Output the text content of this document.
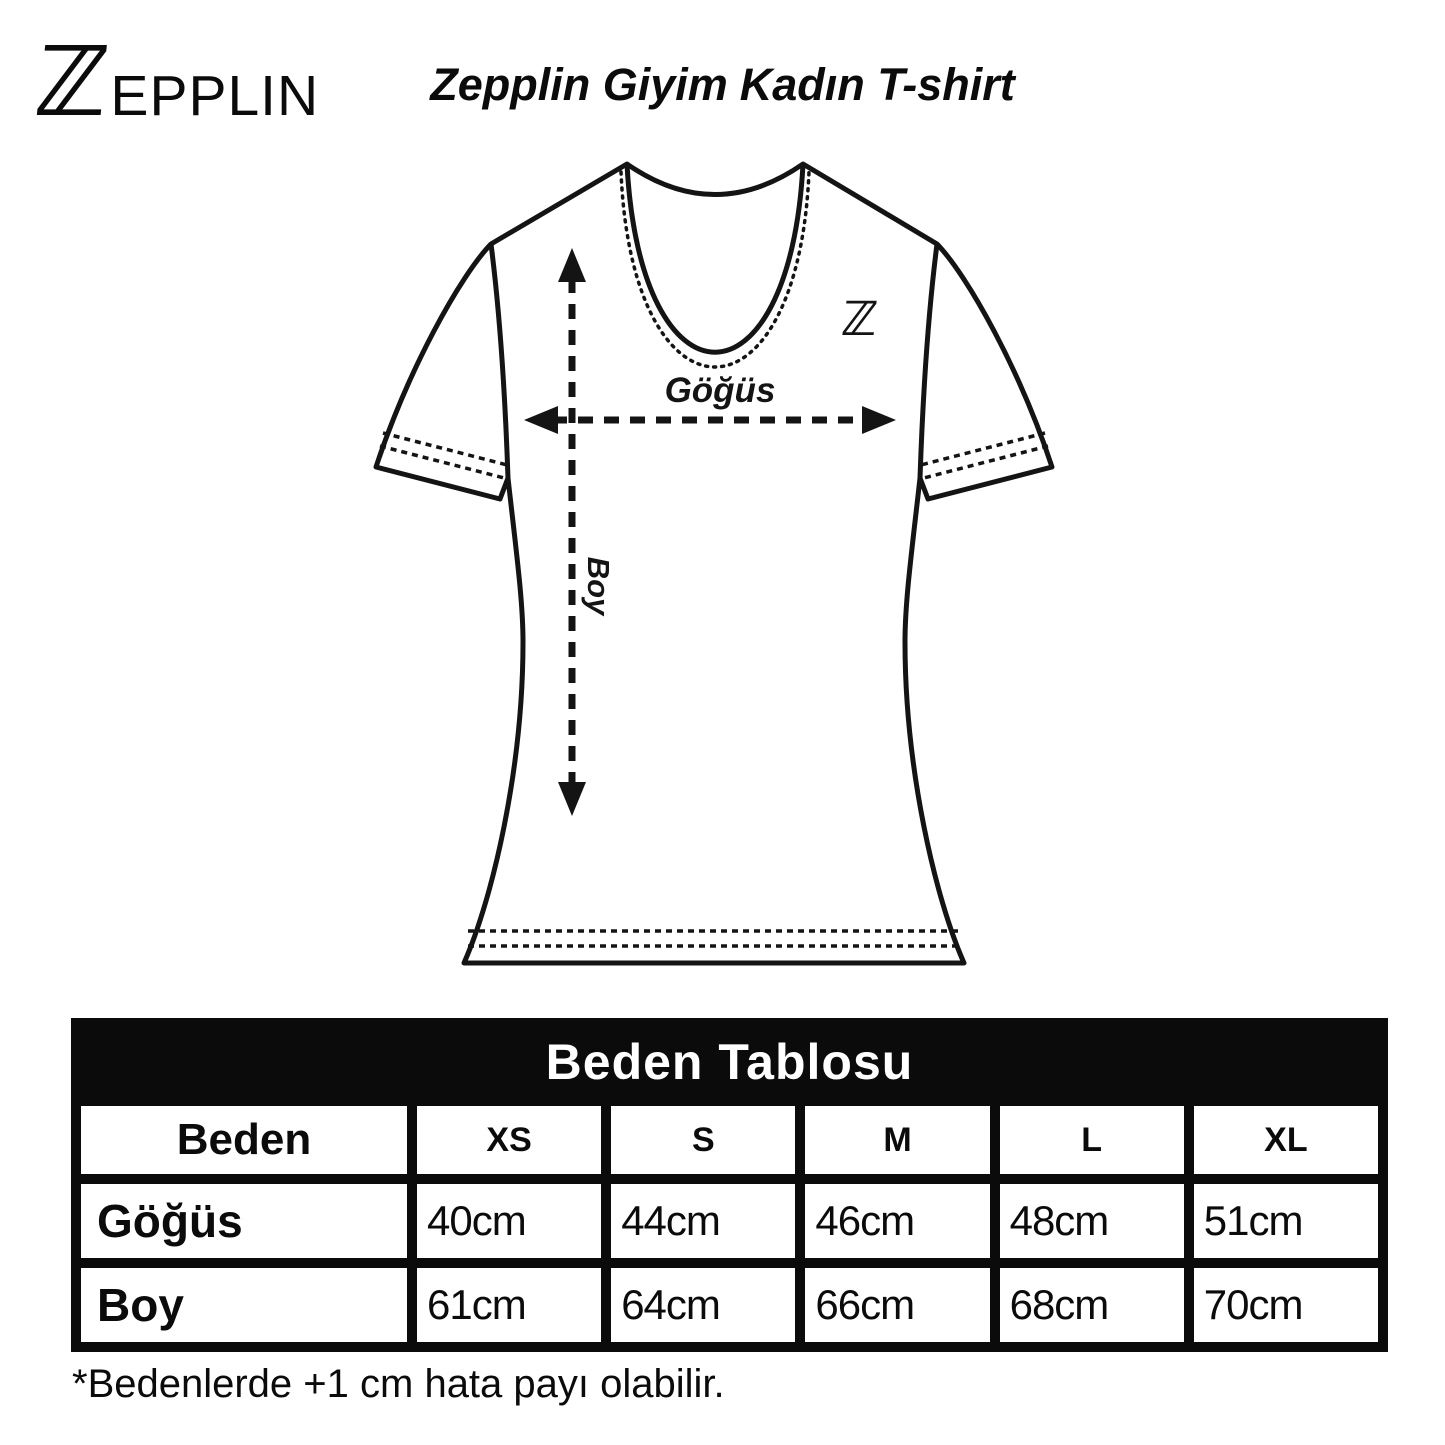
ℤ
EPPLIN	Zepplin Giyim Kadın T-shirt
ℤ
Boy
Göğüs
Beden Tablosu
Beden	XS	S	M	L	XL
Göğüs	40cm	44cm	46cm	48cm	51cm
Boy	61cm	64cm	66cm	68cm	70cm
*Bedenlerde +1 cm hata payı olabilir.
